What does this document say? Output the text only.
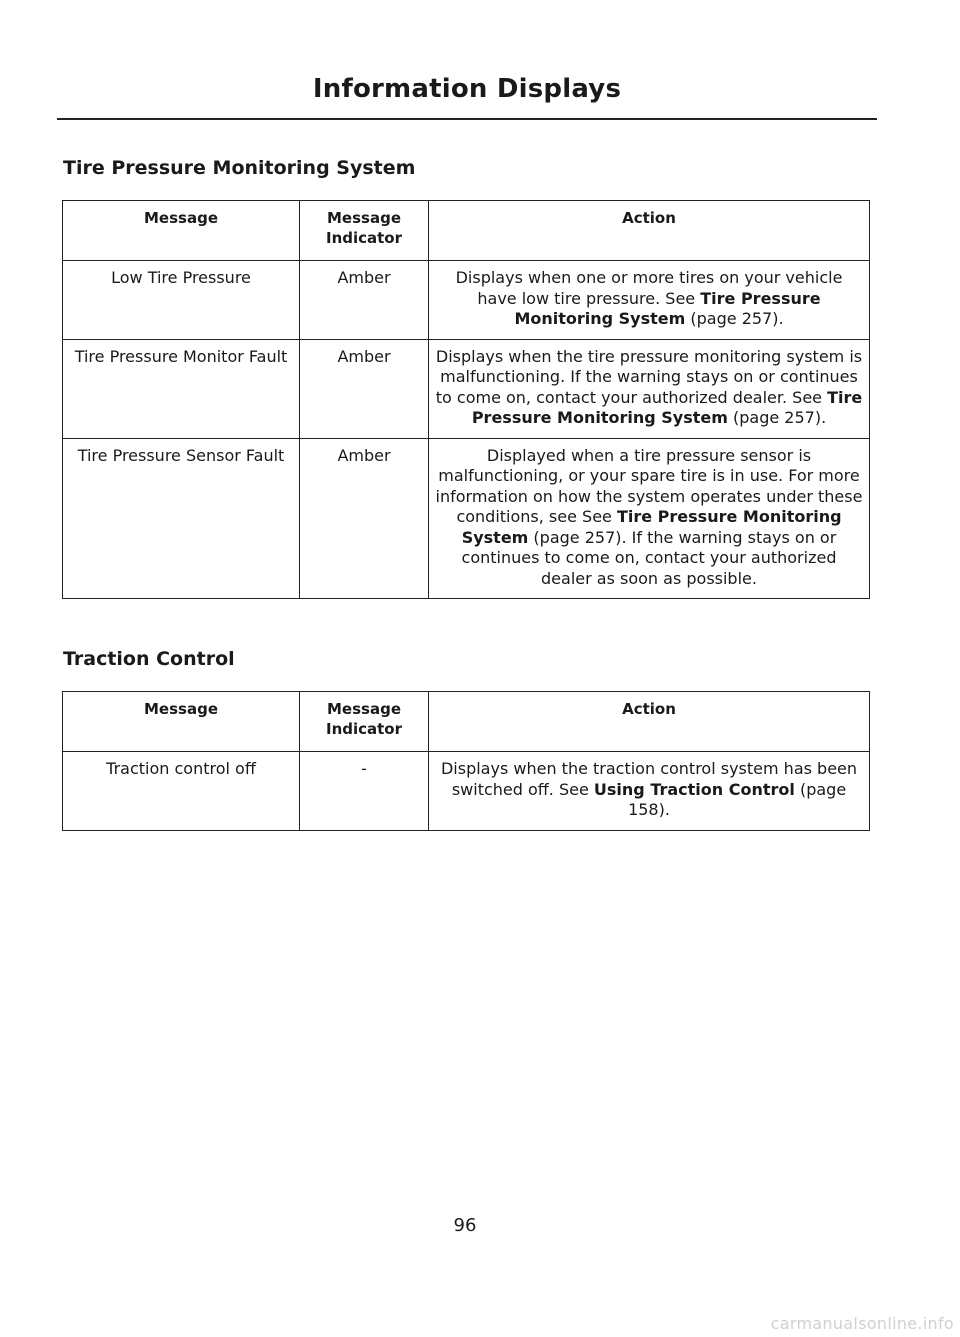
Information Displays
Tire Pressure Monitoring System
Message	Message Indicator	Action
Low Tire Pressure	Amber	Displays when one or more tires on your vehicle have low tire pressure. See Tire Pressure Monitoring System (page 257).
Tire Pressure Monitor Fault	Amber	Displays when the tire pressure monitoring system is malfunctioning. If the warning stays on or continues to come on, contact your authorized dealer. See Tire Pressure Monitoring System (page 257).
Tire Pressure Sensor Fault	Amber	Displayed when a tire pressure sensor is malfunctioning, or your spare tire is in use. For more information on how the system operates under these conditions, see See Tire Pressure Monitoring System (page 257). If the warning stays on or continues to come on, contact your authorized dealer as soon as possible.
Traction Control
Message	Message Indicator	Action
Traction control off	-	Displays when the traction control system has been switched off. See Using Traction Control (page 158).
96
carmanualsonline.info
